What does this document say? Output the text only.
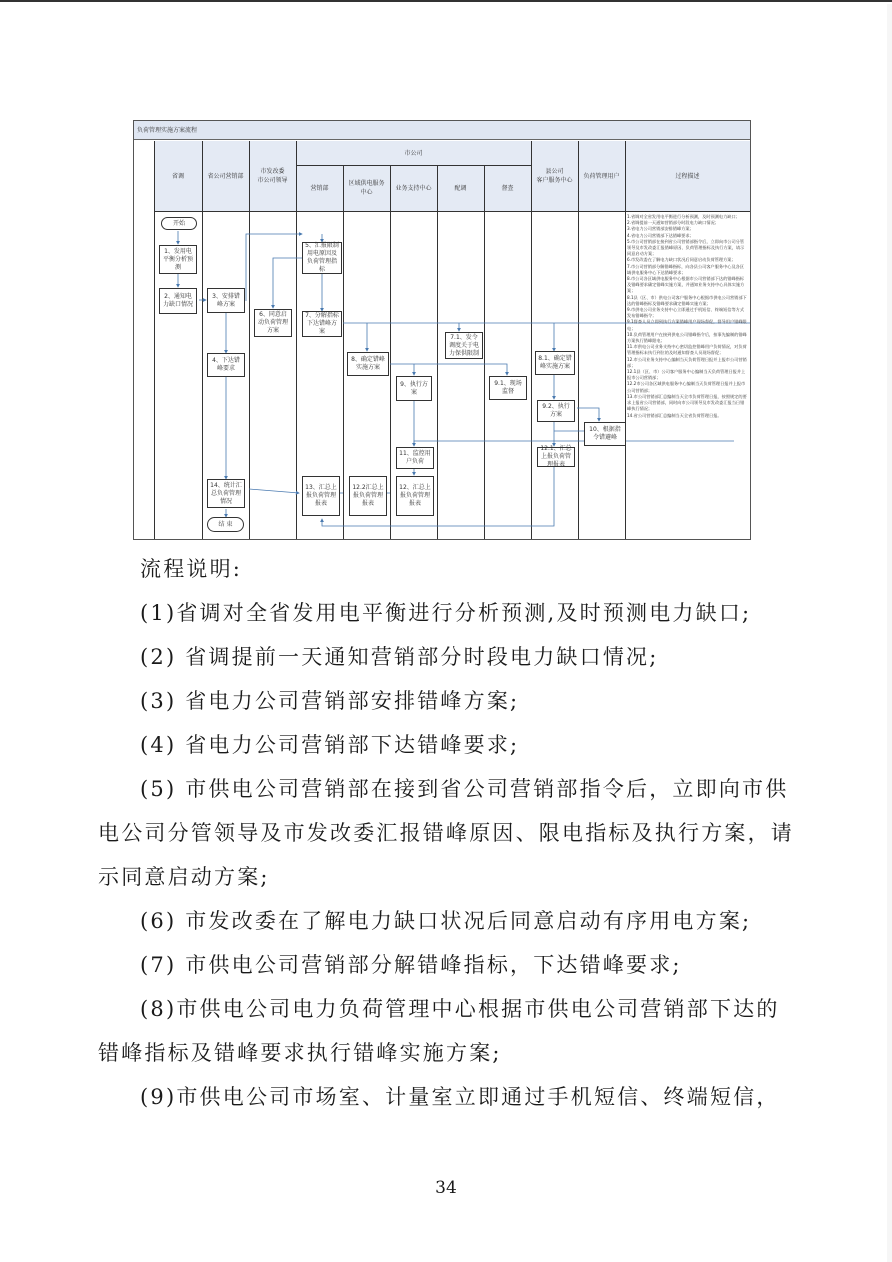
负荷管理实施方案流程
省调	省公司营销部
市发改委
市公司领导
市公司
营销部
区域供电服务中心
业务支持中心	配调	督查
县公司
客户服务中心
负荷管理用户	过程描述
开始
1、发用电平衡分析预测
2、通知电力缺口情况
3、安排错峰方案
4、下达错峰要求
5、汇报限制用电原因及负荷管理指标
6、同意启动负荷管理方案
7、分解指标下达错峰方案
7.1、发令调度关于电力保供限制
8、确定错峰实施方案
8.1、确定错峰实施方案
9、执行方案
9.1、现场监督
9.2、执行方案
10、根据指令错避峰
11、监控用户负荷
12.1、汇总上报负荷管理报表
12、汇总上报负荷管理报表
12.2汇总上报负荷管理报表
13、汇总上报负荷管理报表
14、统计汇总负荷管理情况
结 束
1.省调对全省发用电平衡进行分析预测，及时预测电力缺口；
2.省调提前一天通知营销部分时段电力缺口情况；
3.省电力公司营销部安排错峰方案；
4.省电力公司营销部下达错峰要求；
5.市公司营销部在接到省公司营销部指令后，立即向市公司分管领导及市发改委汇报错峰原因、负荷管理指标及执行方案，请示同意启动方案；
6.市发改委在了解电力缺口状况后同意启动负荷管理方案；
7.市公司营销部分解错峰指标，向各县公司客户服务中心及各区域供电服务中心下达错峰要求；
8.市公司各区域供电服务中心根据市公司营销部下达的错峰指标及错峰要求确定错峰实施方案，并通知业务支持中心具体实施方案；
8.1县（区、市）供电公司客户服务中心根据市供电公司营销部下达的错峰指标及错峰要求确定错峰实施方案；
9.市供电公司业务支持中心立即通过手机短信、终端短信等方式发布错峰指令；
9.1督查人员立即到执行方案错峰用户现场督促，督导用户错峰限电；
10.负荷管理用户在接到供电公司错峰指令后，按事先编制的错峰方案执行错峰限电；
11.市供电公司业务支持中心密切监控错峰用户负荷情况，对负荷管理指标未执行到位的及时通知督查人员现场督促；
12.市公司业务支持中心编制当天负荷管理日报并上报市公司营销部；
12.1县（区、市）公司客户服务中心编制当天负荷管理日报并上报市公司营销部；
12.2市公司各区域供电服务中心编制当天负荷管理日报并上报市公司营销部；
13.市公司营销部汇总编制当天全市负荷管理日报，按照规定的要求上报省公司营销部，同时向市公司领导及市发改委汇报当日错峰执行情况；
14.省公司营销部汇总编制当天全省负荷管理日报。

流程说明:

(1)省调对全省发用电平衡进行分析预测,及时预测电力缺口;

(2) 省调提前一天通知营销部分时段电力缺口情况;

(3) 省电力公司营销部安排错峰方案;

(4) 省电力公司营销部下达错峰要求;

(5) 市供电公司营销部在接到省公司营销部指令后，立即向市供电公司分管领导及市发改委汇报错峰原因、限电指标及执行方案，请示同意启动方案;

(6) 市发改委在了解电力缺口状况后同意启动有序用电方案;

(7) 市供电公司营销部分解错峰指标，下达错峰要求;

(8)市供电公司电力负荷管理中心根据市供电公司营销部下达的错峰指标及错峰要求执行错峰实施方案;

(9)市供电公司市场室、计量室立即通过手机短信、终端短信，

34
